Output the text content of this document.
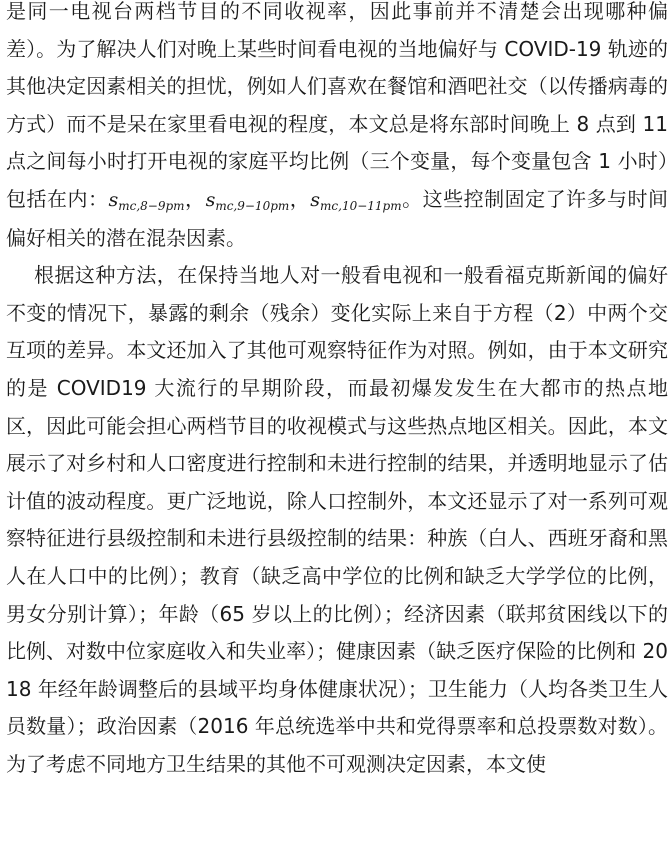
是同一电视台两档节目的不同收视率，因此事前并不清楚会出现哪种偏差）。为了解决人们对晚上某些时间看电视的当地偏好与 COVID-19 轨迹的其他决定因素相关的担忧，例如人们喜欢在餐馆和酒吧社交（以传播病毒的方式）而不是呆在家里看电视的程度，本文总是将东部时间晚上 8 点到 11 点之间每小时打开电视的家庭平均比例（三个变量，每个变量包含 1 小时）包括在内：$s_{mc,8-9pm}$，$s_{mc,9-10pm}$，$s_{mc,10-11pm}$。这些控制固定了许多与时间偏好相关的潜在混杂因素。

根据这种方法，在保持当地人对一般看电视和一般看福克斯新闻的偏好不变的情况下，暴露的剩余（残余）变化实际上来自于方程（2）中两个交互项的差异。本文还加入了其他可观察特征作为对照。例如，由于本文研究的是 COVID19 大流行的早期阶段，而最初爆发发生在大都市的热点地区，因此可能会担心两档节目的收视模式与这些热点地区相关。因此，本文展示了对乡村和人口密度进行控制和未进行控制的结果，并透明地显示了估计值的波动程度。更广泛地说，除人口控制外，本文还显示了对一系列可观察特征进行县级控制和未进行县级控制的结果：种族（白人、西班牙裔和黑人在人口中的比例）；教育（缺乏高中学位的比例和缺乏大学学位的比例，男女分别计算）；年龄（65 岁以上的比例）；经济因素（联邦贫困线以下的比例、对数中位家庭收入和失业率）；健康因素（缺乏医疗保险的比例和 2018 年经年龄调整后的县域平均身体健康状况）；卫生能力（人均各类卫生人员数量）；政治因素（2016 年总统选举中共和党得票率和总投票数对数）。为了考虑不同地方卫生结果的其他不可观测决定因素，本文使
